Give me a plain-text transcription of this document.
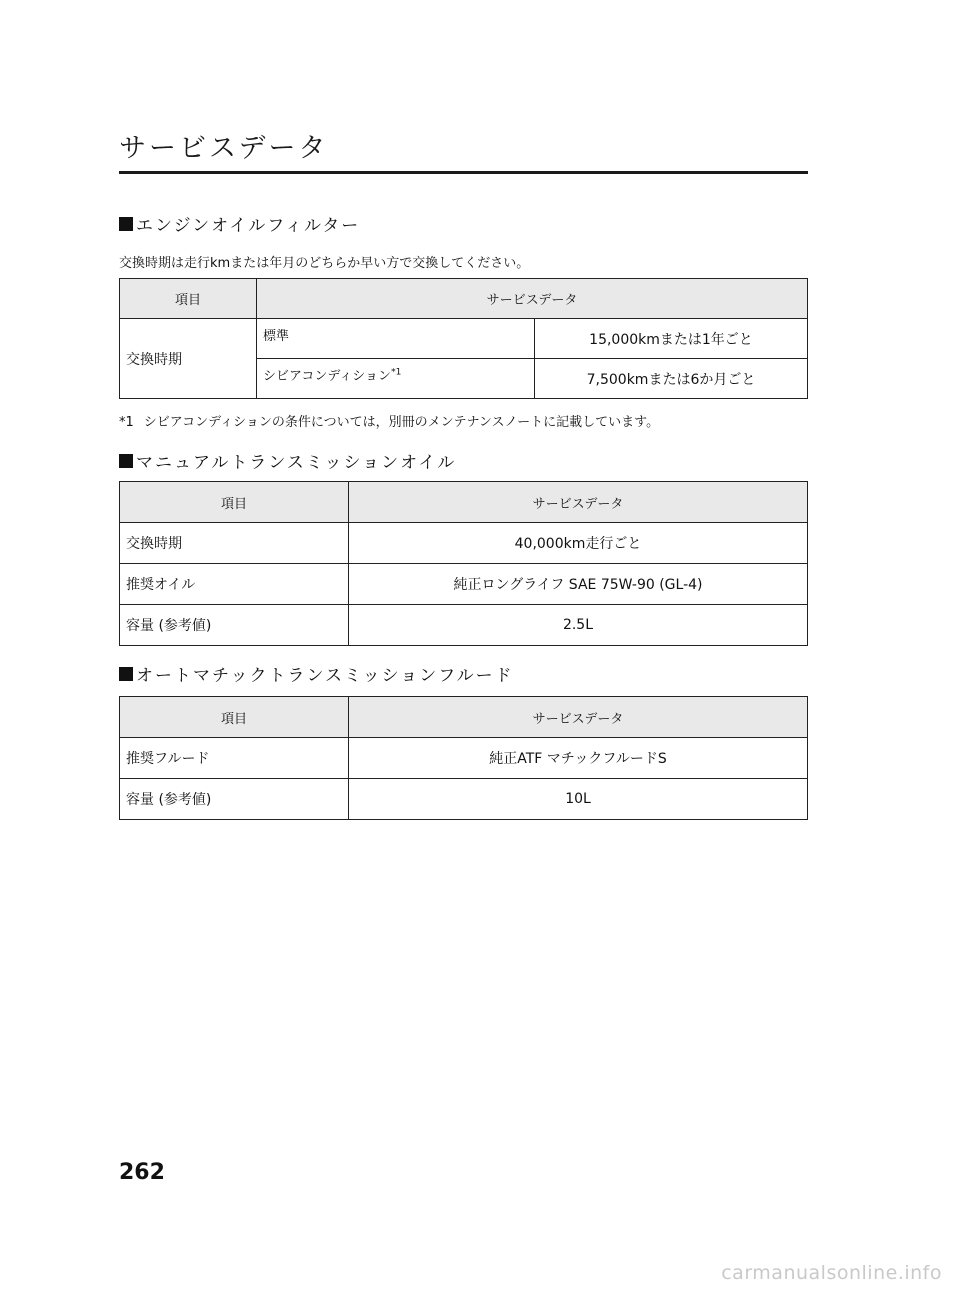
サービスデータ
エンジンオイルフィルター
交換時期は走行kmまたは年月のどちらか早い方で交換してください。
項目	サービスデータ	
交換時期	標準	15,000kmまたは1年ごと
	シビアコンディション$^{*1}$	7,500kmまたは6か月ごと
*1 シビアコンディションの条件については，別冊のメンテナンスノートに記載しています。
マニュアルトランスミッションオイル
項目	サービスデータ
交換時期	40,000km走行ごと
推奨オイル	純正ロングライフ SAE 75W-90 (GL-4)
容量 (参考値)	2.5L
オートマチックトランスミッションフルード
項目	サービスデータ
推奨フルード	純正ATF マチックフルードS
容量 (参考値)	10L
262
carmanualsonline.info
